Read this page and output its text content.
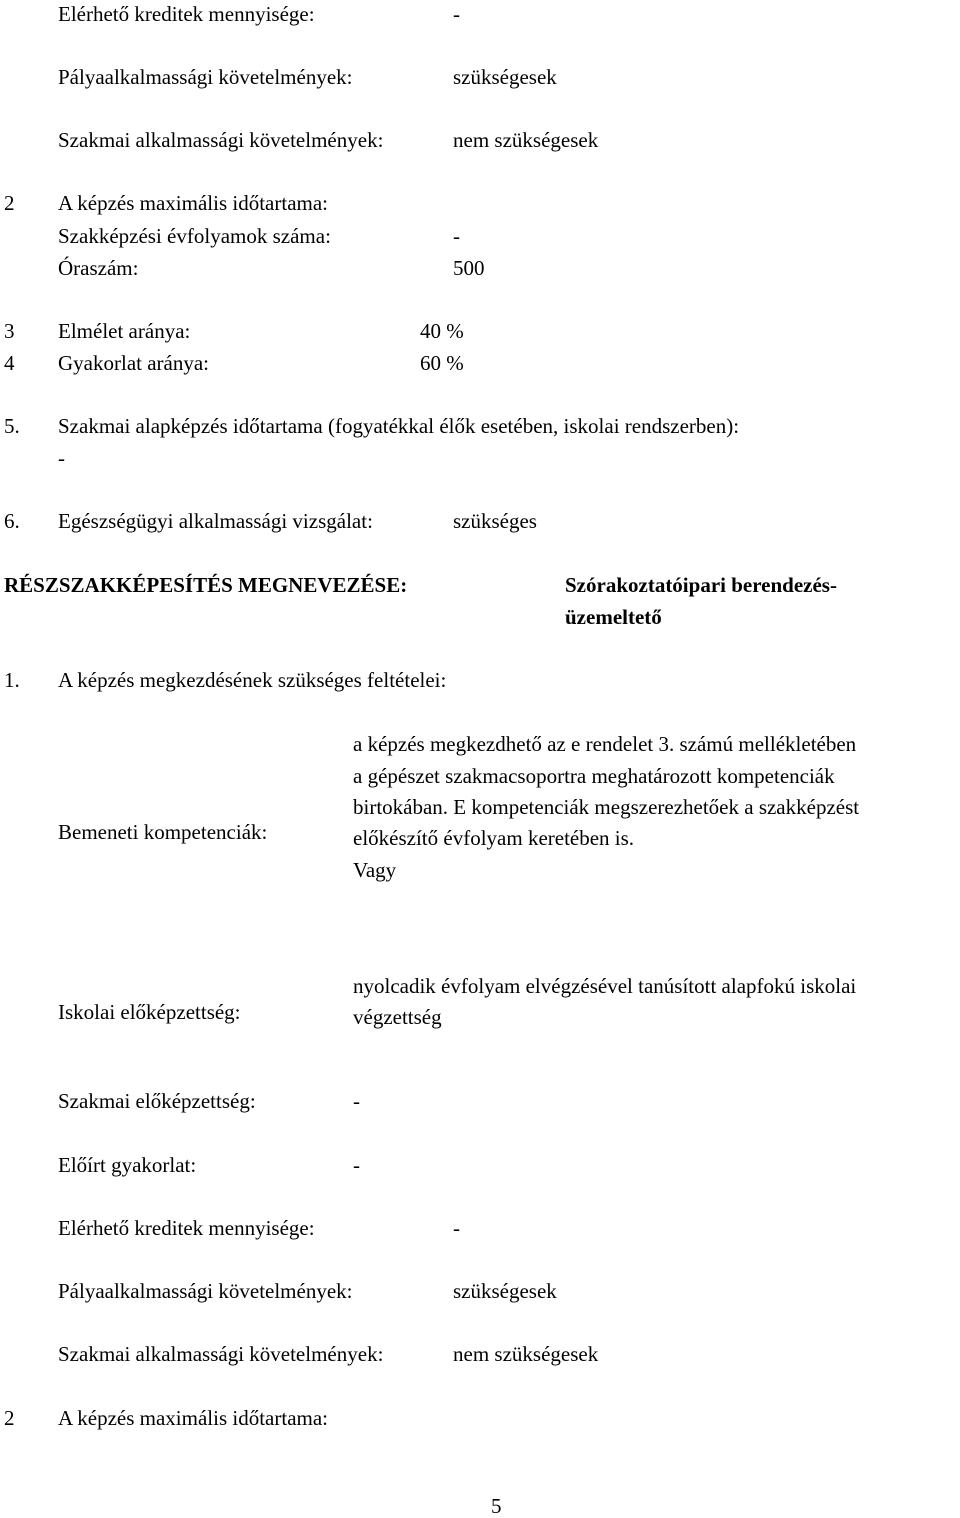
Elérhető kreditek mennyisége:	-
Pályaalkalmassági követelmények:	szükségesek
Szakmai alkalmassági követelmények:	nem szükségesek
2 A képzés maximális időtartama:
Szakképzési évfolyamok száma:	-
Óraszám:	500
3 Elmélet aránya:	40 %
4 Gyakorlat aránya:	60 %
5. Szakmai alapképzés időtartama (fogyatékkal élők esetében, iskolai rendszerben):
-
6. Egészségügyi alkalmassági vizsgálat:	szükséges
RÉSZSZAKKÉPESÍTÉS MEGNEVEZÉSE:	Szórakoztatóipari berendezés-
üzemeltető
1. A képzés megkezdésének szükséges feltételei:
Bemeneti kompetenciák:
a képzés megkezdhető az e rendelet 3. számú mellékletében
a gépészet szakmacsoportra meghatározott kompetenciák
birtokában. E kompetenciák megszerezhetőek a szakképzést
előkészítő évfolyam keretében is.
Vagy
Iskolai előképzettség:
nyolcadik évfolyam elvégzésével tanúsított alapfokú iskolai
végzettség
Szakmai előképzettség:	-
Előírt gyakorlat:	-
Elérhető kreditek mennyisége:	-
Pályaalkalmassági követelmények:	szükségesek
Szakmai alkalmassági követelmények:	nem szükségesek
2 A képzés maximális időtartama:
5
